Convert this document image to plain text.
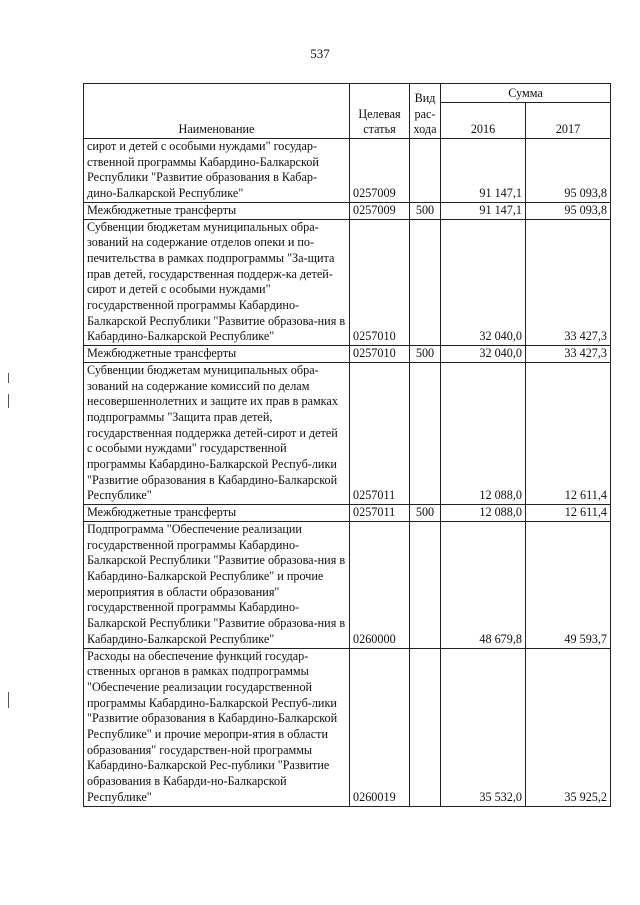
537
Наименование	Целевая статья	Вид рас-хода	Сумма	
			2016	2017
сирот и детей с особыми нуждами" государ-ственной программы Кабардино-Балкарской Республики "Развитие образования в Кабар-дино-Балкарской Республике"	0257009		91 147,1	95 093,8
Межбюджетные трансферты	0257009	500	91 147,1	95 093,8
Субвенции бюджетам муниципальных обра-зований на содержание отделов опеки и по-печительства в рамках подпрограммы "За-щита прав детей, государственная поддерж-ка детей-сирот и детей с особыми нуждами" государственной программы Кабардино-Балкарской Республики "Развитие образова-ния в Кабардино-Балкарской Республике"	0257010		32 040,0	33 427,3
Межбюджетные трансферты	0257010	500	32 040,0	33 427,3
Субвенции бюджетам муниципальных обра-зований на содержание комиссий по делам несовершеннолетних и защите их прав в рамках подпрограммы "Защита прав детей, государственная поддержка детей-сирот и детей с особыми нуждами" государственной программы Кабардино-Балкарской Респуб-лики "Развитие образования в Кабардино-Балкарской Республике"	0257011		12 088,0	12 611,4
Межбюджетные трансферты	0257011	500	12 088,0	12 611,4
Подпрограмма "Обеспечение реализации государственной программы Кабардино-Балкарской Республики "Развитие образова-ния в Кабардино-Балкарской Республике" и прочие мероприятия в области образования" государственной программы Кабардино-Балкарской Республики "Развитие образова-ния в Кабардино-Балкарской Республике"	0260000		48 679,8	49 593,7
Расходы на обеспечение функций государ-ственных органов в рамках подпрограммы "Обеспечение реализации государственной программы Кабардино-Балкарской Респуб-лики "Развитие образования в Кабардино-Балкарской Республике" и прочие меропри-ятия в области образования" государствен-ной программы Кабардино-Балкарской Рес-публики "Развитие образования в Кабарди-но-Балкарской Республике"	0260019		35 532,0	35 925,2
